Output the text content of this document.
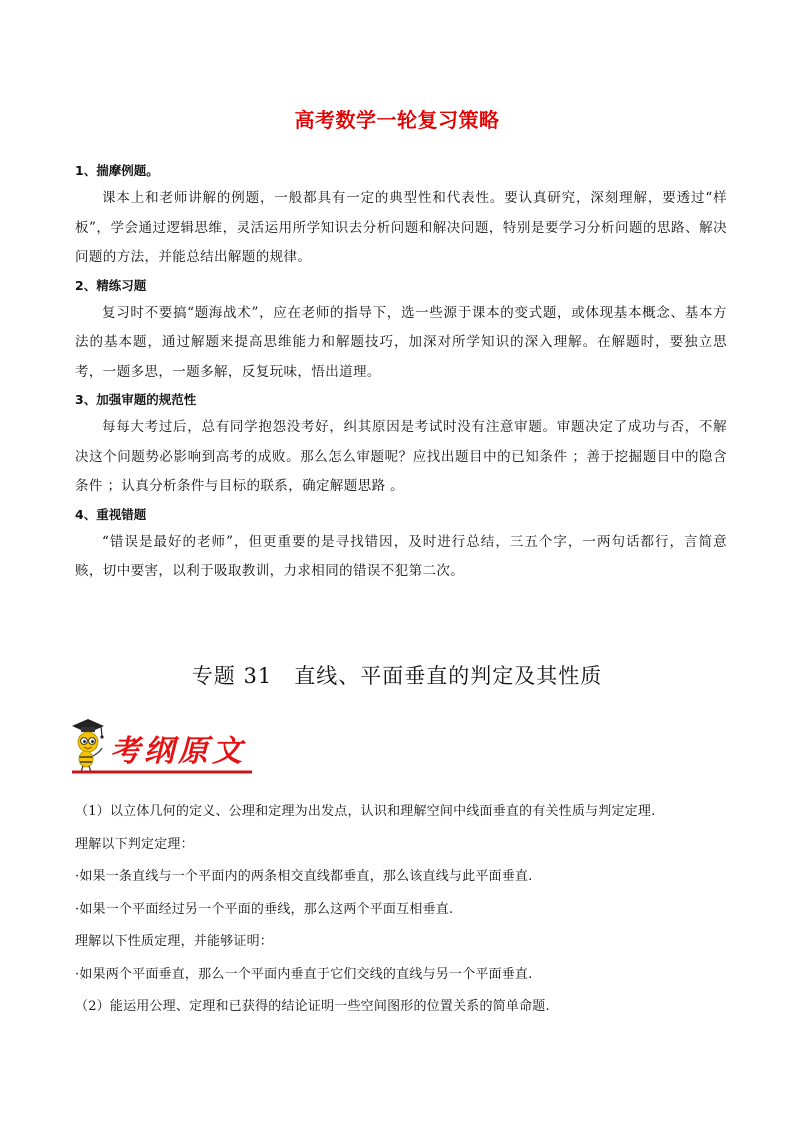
高考数学一轮复习策略

1、揣摩例题。

课本上和老师讲解的例题，一般都具有一定的典型性和代表性。要认真研究，深刻理解，要透过“样板”，学会通过逻辑思维，灵活运用所学知识去分析问题和解决问题，特别是要学习分析问题的思路、解决问题的方法，并能总结出解题的规律。

2、精练习题

复习时不要搞“题海战术”，应在老师的指导下，选一些源于课本的变式题，或体现基本概念、基本方法的基本题，通过解题来提高思维能力和解题技巧，加深对所学知识的深入理解。在解题时，要独立思考，一题多思，一题多解，反复玩味，悟出道理。

3、加强审题的规范性

每每大考过后，总有同学抱怨没考好，纠其原因是考试时没有注意审题。审题决定了成功与否，不解决这个问题势必影响到高考的成败。那么怎么审题呢？应找出题目中的已知条件 ；善于挖掘题目中的隐含条件 ；认真分析条件与目标的联系，确定解题思路 。

4、重视错题

“错误是最好的老师”，但更重要的是寻找错因，及时进行总结，三五个字，一两句话都行，言简意赅，切中要害，以利于吸取教训，力求相同的错误不犯第二次。

专题 31　直线、平面垂直的判定及其性质
考纲原文

（1）以立体几何的定义、公理和定理为出发点，认识和理解空间中线面垂直的有关性质与判定定理.

理解以下判定定理：

·如果一条直线与一个平面内的两条相交直线都垂直，那么该直线与此平面垂直.

·如果一个平面经过另一个平面的垂线，那么这两个平面互相垂直.

理解以下性质定理，并能够证明：

·如果两个平面垂直，那么一个平面内垂直于它们交线的直线与另一个平面垂直.

（2）能运用公理、定理和已获得的结论证明一些空间图形的位置关系的简单命题.
